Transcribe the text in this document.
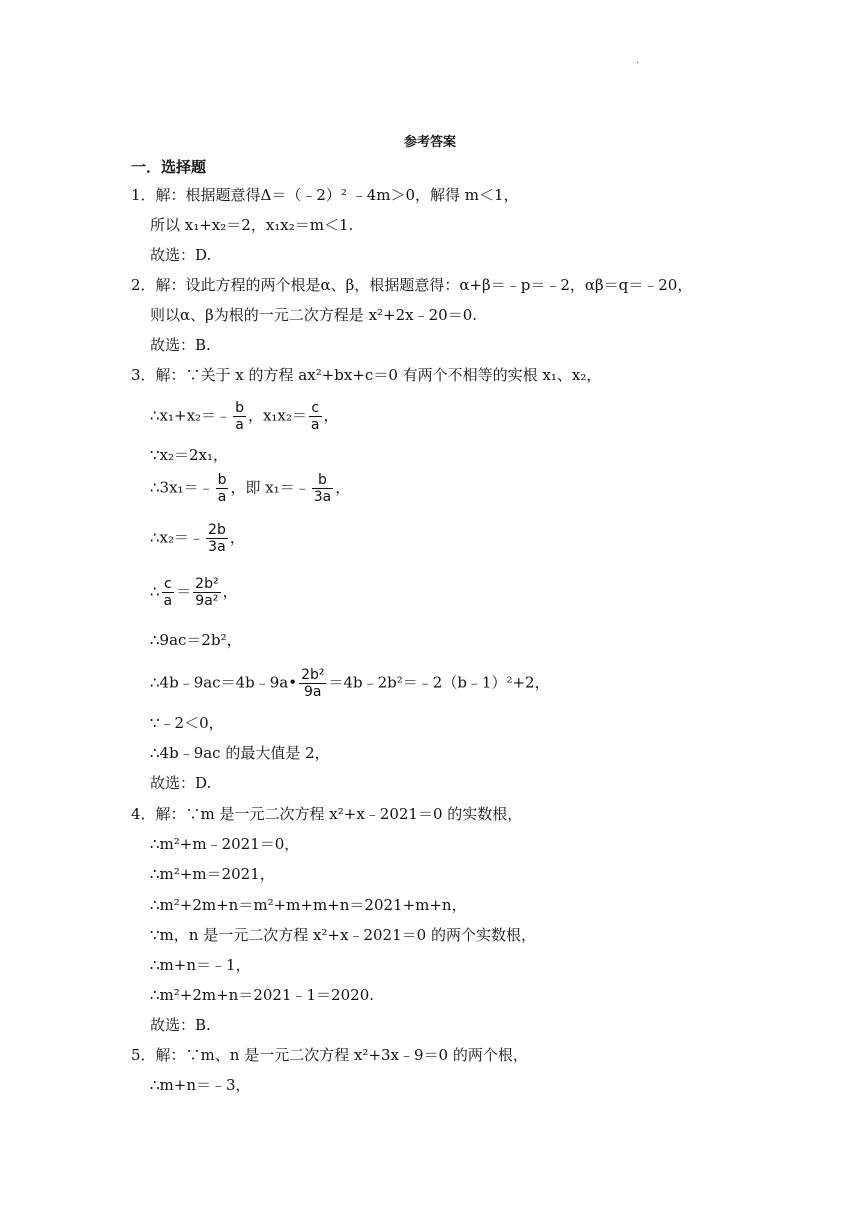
·
参考答案
一．选择题
1．解：根据题意得Δ＝（﹣2）² ﹣4m＞0，解得 m＜1，
所以 x₁+x₂＝2，x₁x₂＝m＜1.
故选：D.
2．解：设此方程的两个根是α、β，根据题意得：α+β＝﹣p＝﹣2，αβ＝q＝﹣20，
则以α、β为根的一元二次方程是 x²+2x﹣20＝0.
故选：B.
3．解：∵关于 x 的方程 ax²+bx+c＝0 有两个不相等的实根 x₁、x₂，
∴x₁+x₂＝﹣ $\frac{b}{a}$ ，$x_1x_2= \frac{c}{a}$ ，
∵x₂＝2x₁，
∴3x₁＝﹣ $\frac{b}{a}$ ，即 x₁＝﹣ $\frac{b}{3a}$ ，
∴x₂＝﹣ $\frac{2b}{3a}$ ，
∴ $\frac{c}{a} = \frac{\text{2b²}}{\text{9a²}}$ ，
∴9ac＝2b²，
∴4b﹣9ac＝4b﹣9a• $\frac{\text{2b²}}{9a}$ ＝4b﹣2b²＝﹣2（b﹣1）²+2，
∵﹣2＜0，
∴4b﹣9ac 的最大值是 2，
故选：D.
4．解：∵m 是一元二次方程 x²+x﹣2021＝0 的实数根，
∴m²+m﹣2021＝0，
∴m²+m＝2021，
∴m²+2m+n＝m²+m+m+n＝2021+m+n，
∵m，n 是一元二次方程 x²+x﹣2021＝0 的两个实数根，
∴m+n＝﹣1，
∴m²+2m+n＝2021﹣1＝2020.
故选：B.
5．解：∵m、n 是一元二次方程 x²+3x﹣9＝0 的两个根，
∴m+n＝﹣3，
